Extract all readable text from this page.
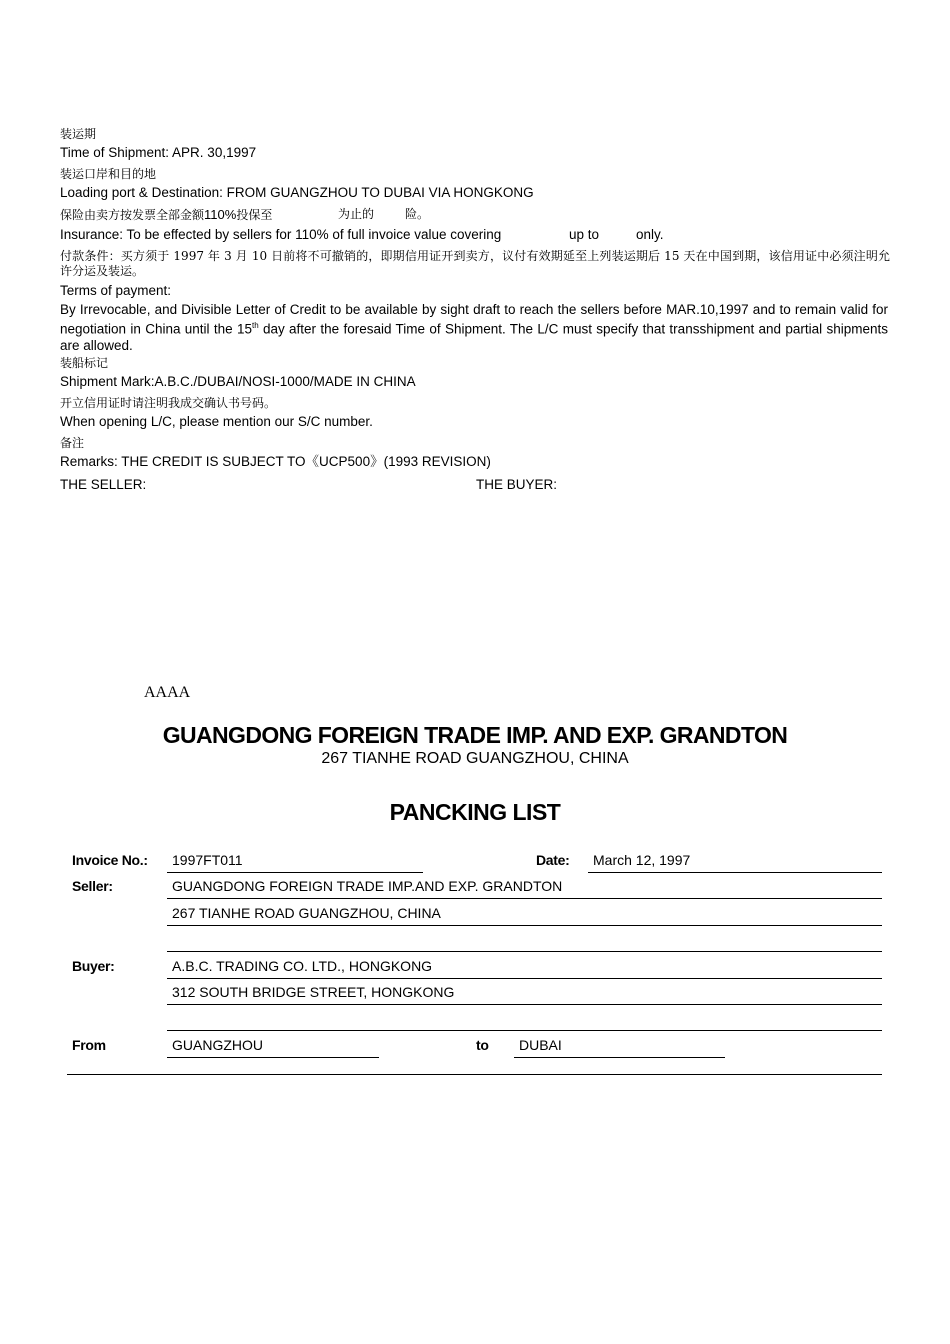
装运期
Time of Shipment: APR. 30,1997
装运口岸和目的地
Loading port & Destination: FROM GUANGZHOU TO DUBAI VIA HONGKONG
保险由卖方按发票全部金额110%投保至	为止的	险。
Insurance: To be effected by sellers for 110% of full invoice value covering	up to	only.
付款条件：买方须于 1997 年 3 月 10 日前将不可撤销的，即期信用证开到卖方，议付有效期延至上列装运期后 15 天在中国到期，该信用证中必须注明允许分运及装运。
Terms of payment:
By Irrevocable, and Divisible Letter of Credit to be available by sight draft to reach the sellers before MAR.10,1997 and to remain valid for negotiation in China until the 15th day after the foresaid Time of Shipment. The L/C must specify that transshipment and partial shipments are allowed.
装船标记
Shipment Mark:A.B.C./DUBAI/NOSI-1000/MADE IN CHINA
开立信用证时请注明我成交确认书号码。
When opening L/C, please mention our S/C number.
备注
Remarks: THE CREDIT IS SUBJECT TO《UCP500》(1993 REVISION)
THE SELLER:	THE BUYER:
AAAA
GUANGDONG FOREIGN TRADE IMP. AND EXP. GRANDTON
267 TIANHE ROAD GUANGZHOU, CHINA
PANCKING LIST
Invoice No.: 1997FT011	Date: March 12, 1997
Seller:	GUANGDONG FOREIGN TRADE IMP.AND EXP. GRANDTON
267 TIANHE ROAD GUANGZHOU, CHINA
Buyer:	A.B.C. TRADING CO. LTD., HONGKONG
312 SOUTH BRIDGE STREET, HONGKONG
From	GUANGZHOU	to DUBAI
